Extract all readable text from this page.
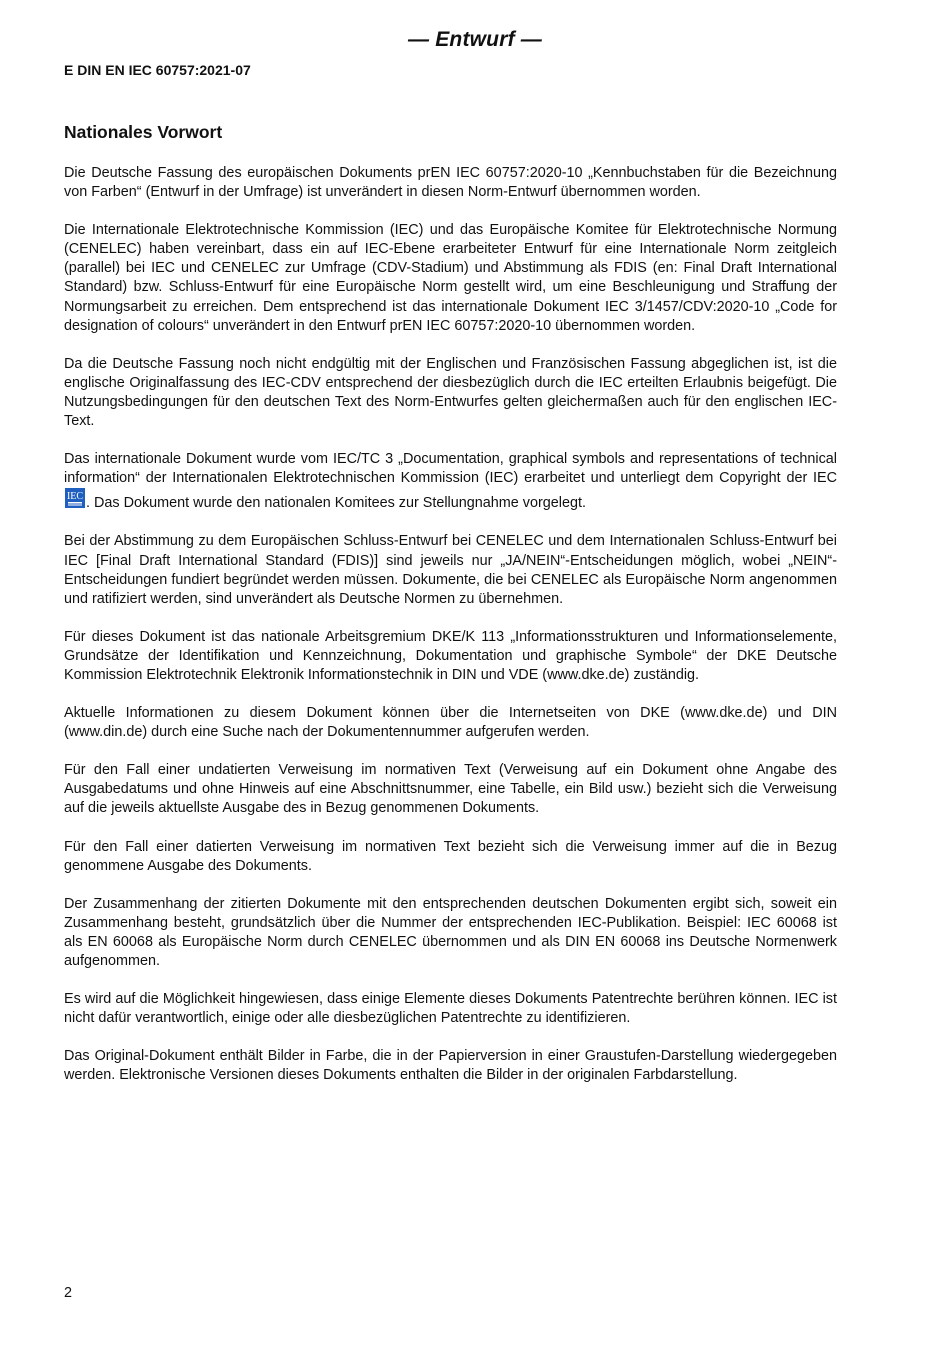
— Entwurf —
E DIN EN IEC 60757:2021-07
Nationales Vorwort

Die Deutsche Fassung des europäischen Dokuments prEN IEC 60757:2020-10 „Kennbuchstaben für die Bezeichnung von Farben“ (Entwurf in der Umfrage) ist unverändert in diesen Norm-Entwurf übernommen worden.

Die Internationale Elektrotechnische Kommission (IEC) und das Europäische Komitee für Elektrotechnische Normung (CENELEC) haben vereinbart, dass ein auf IEC-Ebene erarbeiteter Entwurf für eine Internationale Norm zeitgleich (parallel) bei IEC und CENELEC zur Umfrage (CDV-Stadium) und Abstimmung als FDIS (en: Final Draft International Standard) bzw. Schluss-Entwurf für eine Europäische Norm gestellt wird, um eine Beschleunigung und Straffung der Normungsarbeit zu erreichen. Dem entsprechend ist das internationale Dokument IEC 3/1457/CDV:2020-10 „Code for designation of colours“ unverändert in den Entwurf prEN IEC 60757:2020-10 übernommen worden.

Da die Deutsche Fassung noch nicht endgültig mit der Englischen und Französischen Fassung abgeglichen ist, ist die englische Originalfassung des IEC-CDV entsprechend der diesbezüglich durch die IEC erteilten Erlaubnis beigefügt. Die Nutzungsbedingungen für den deutschen Text des Norm-Entwurfes gelten gleichermaßen auch für den englischen IEC-Text.

Das internationale Dokument wurde vom IEC/TC 3 „Documentation, graphical symbols and representations of technical information“ der Internationalen Elektrotechnischen Kommission (IEC) erarbeitet und unterliegt dem Copyright der IEC
IEC . Das Dokument wurde den nationalen Komitees zur Stellungnahme vorgelegt.

Bei der Abstimmung zu dem Europäischen Schluss-Entwurf bei CENELEC und dem Internationalen Schluss-Entwurf bei IEC [Final Draft International Standard (FDIS)] sind jeweils nur „JA/NEIN“-Entscheidungen möglich, wobei „NEIN“-Entscheidungen fundiert begründet werden müssen. Dokumente, die bei CENELEC als Europäische Norm angenommen und ratifiziert werden, sind unverändert als Deutsche Normen zu übernehmen.

Für dieses Dokument ist das nationale Arbeitsgremium DKE/K 113 „Informationsstrukturen und Informationselemente, Grundsätze der Identifikation und Kennzeichnung, Dokumentation und graphische Symbole“ der DKE Deutsche Kommission Elektrotechnik Elektronik Informationstechnik in DIN und VDE (www.dke.de) zuständig.

Aktuelle Informationen zu diesem Dokument können über die Internetseiten von DKE (www.dke.de) und DIN (www.din.de) durch eine Suche nach der Dokumentennummer aufgerufen werden.

Für den Fall einer undatierten Verweisung im normativen Text (Verweisung auf ein Dokument ohne Angabe des Ausgabedatums und ohne Hinweis auf eine Abschnittsnummer, eine Tabelle, ein Bild usw.) bezieht sich die Verweisung auf die jeweils aktuellste Ausgabe des in Bezug genommenen Dokuments.

Für den Fall einer datierten Verweisung im normativen Text bezieht sich die Verweisung immer auf die in Bezug genommene Ausgabe des Dokuments.

Der Zusammenhang der zitierten Dokumente mit den entsprechenden deutschen Dokumenten ergibt sich, soweit ein Zusammenhang besteht, grundsätzlich über die Nummer der entsprechenden IEC-Publikation. Beispiel: IEC 60068 ist als EN 60068 als Europäische Norm durch CENELEC übernommen und als DIN EN 60068 ins Deutsche Normenwerk aufgenommen.

Es wird auf die Möglichkeit hingewiesen, dass einige Elemente dieses Dokuments Patentrechte berühren können. IEC ist nicht dafür verantwortlich, einige oder alle diesbezüglichen Patentrechte zu identifizieren.

Das Original-Dokument enthält Bilder in Farbe, die in der Papierversion in einer Graustufen-Darstellung wiedergegeben werden. Elektronische Versionen dieses Dokuments enthalten die Bilder in der originalen Farbdarstellung.

2
